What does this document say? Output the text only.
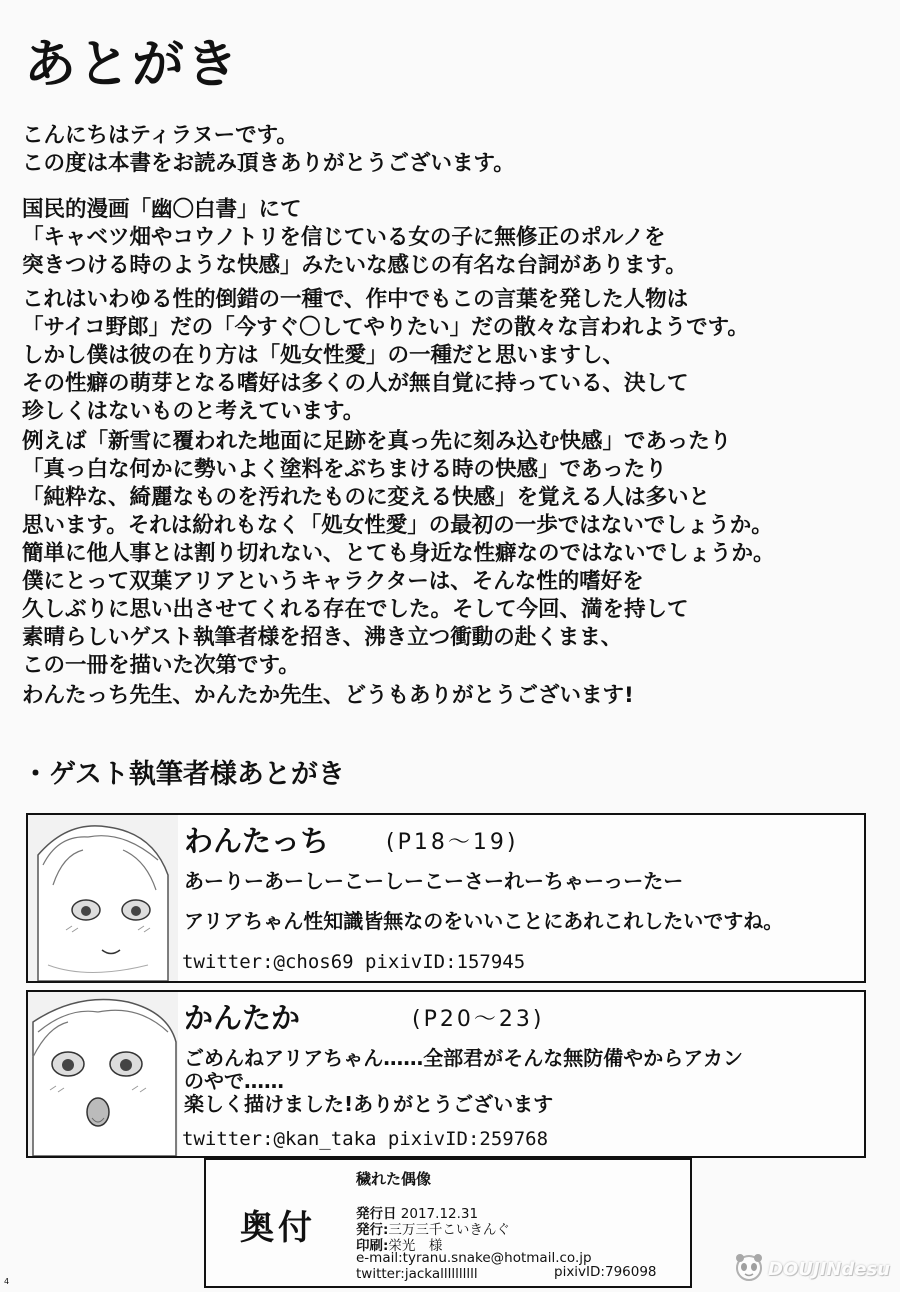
あとがき
こんにちはティラヌーです。
この度は本書をお読み頂きありがとうございます。
国民的漫画「幽〇白書」にて
「キャベツ畑やコウノトリを信じている女の子に無修正のポルノを
突きつける時のような快感」みたいな感じの有名な台詞があります。
これはいわゆる性的倒錯の一種で、作中でもこの言葉を発した人物は
「サイコ野郎」だの「今すぐ〇してやりたい」だの散々な言われようです。
しかし僕は彼の在り方は「処女性愛」の一種だと思いますし、
その性癖の萌芽となる嗜好は多くの人が無自覚に持っている、決して
珍しくはないものと考えています。
例えば「新雪に覆われた地面に足跡を真っ先に刻み込む快感」であったり
「真っ白な何かに勢いよく塗料をぶちまける時の快感」であったり
「純粋な、綺麗なものを汚れたものに変える快感」を覚える人は多いと
思います。それは紛れもなく「処女性愛」の最初の一歩ではないでしょうか。
簡単に他人事とは割り切れない、とても身近な性癖なのではないでしょうか。
僕にとって双葉アリアというキャラクターは、そんな性的嗜好を
久しぶりに思い出させてくれる存在でした。そして今回、満を持して
素晴らしいゲスト執筆者様を招き、沸き立つ衝動の赴くまま、
この一冊を描いた次第です。
わんたっち先生、かんたか先生、どうもありがとうございます!
・ゲスト執筆者様あとがき
わんたっち	(P18〜19)
あーりーあーしーこーしーこーさーれーちゃーっーたー
アリアちゃん性知識皆無なのをいいことにあれこれしたいですね。
twitter:@chos69 pixivID:157945
かんたか	(P20〜23)
ごめんねアリアちゃん……全部君がそんな無防備やからアカン
のやで……
楽しく描けました!ありがとうございます
twitter:@kan_taka pixivID:259768
穢れた偶像
奥付	発行日 2017.12.31
発行:三万三千こいきんぐ
印刷:栄光　様
e-mail:tyranu.snake@hotmail.co.jp
twitter:jackallllllllll	pixivID:796098	DOUJINdesu
4
